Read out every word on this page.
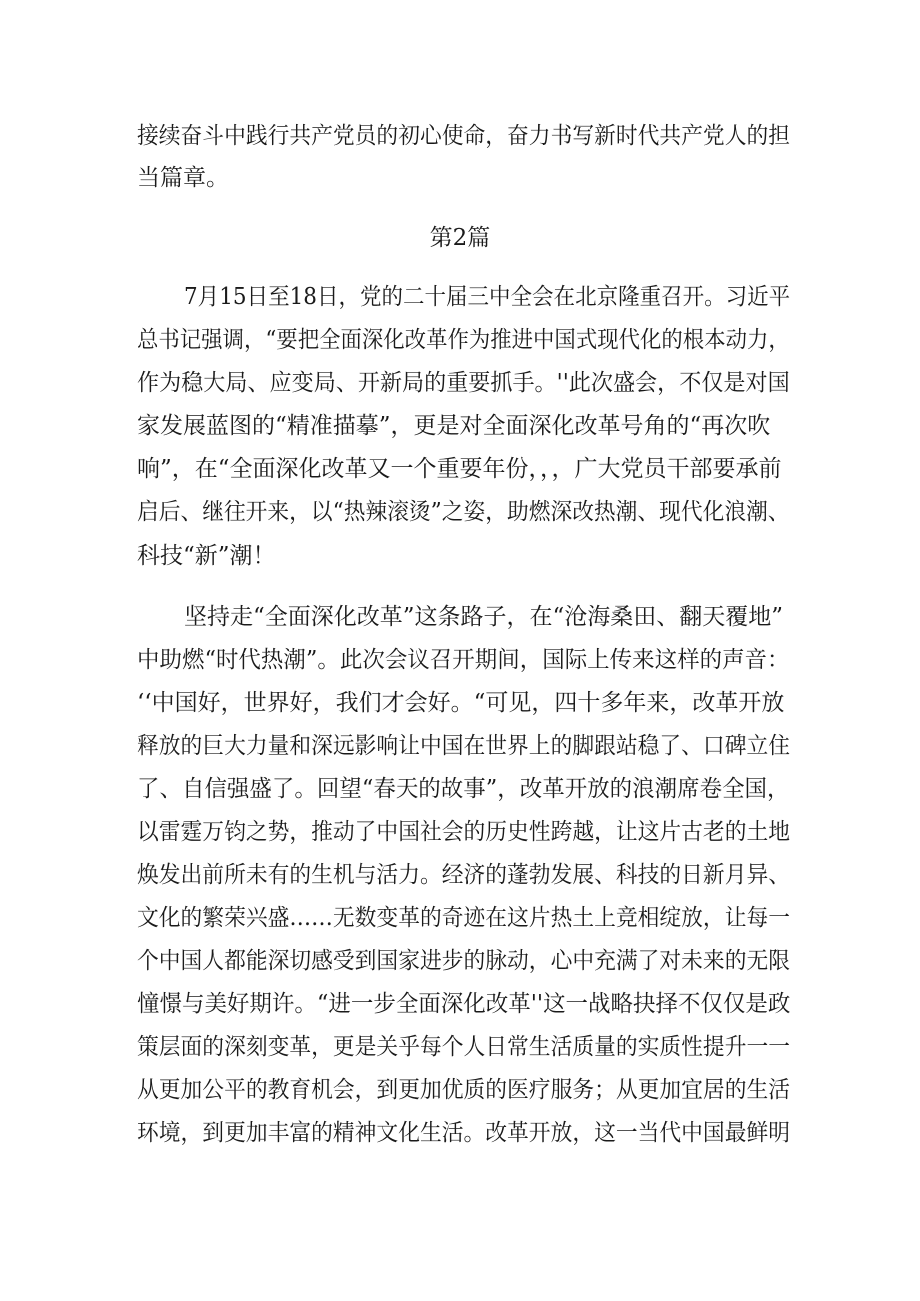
接续奋斗中践行共产党员的初心使命，奋力书写新时代共产党人的担
当篇章。
第2篇
7月15日至18日，党的二十届三中全会在北京隆重召开。习近平
总书记强调，“要把全面深化改革作为推进中国式现代化的根本动力，
作为稳大局、应变局、开新局的重要抓手。''此次盛会，不仅是对国
家发展蓝图的“精准描摹”，更是对全面深化改革号角的“再次吹
响”，在“全面深化改革又一个重要年份，，，广大党员干部要承前
启后、继往开来，以“热辣滚烫”之姿，助燃深改热潮、现代化浪潮、
科技“新”潮！
坚持走“全面深化改革”这条路子，在“沧海桑田、翻天覆地”
中助燃“时代热潮”。此次会议召开期间，国际上传来这样的声音：
‘‘中国好，世界好，我们才会好。“可见，四十多年来，改革开放
释放的巨大力量和深远影响让中国在世界上的脚跟站稳了、口碑立住
了、自信强盛了。回望“春天的故事”，改革开放的浪潮席卷全国，
以雷霆万钧之势，推动了中国社会的历史性跨越，让这片古老的土地
焕发出前所未有的生机与活力。经济的蓬勃发展、科技的日新月异、
文化的繁荣兴盛……无数变革的奇迹在这片热土上竞相绽放，让每一
个中国人都能深切感受到国家进步的脉动，心中充满了对未来的无限
憧憬与美好期许。“进一步全面深化改革''这一战略抉择不仅仅是政
策层面的深刻变革，更是关乎每个人日常生活质量的实质性提升一一
从更加公平的教育机会，到更加优质的医疗服务；从更加宜居的生活
环境，到更加丰富的精神文化生活。改革开放，这一当代中国最鲜明
